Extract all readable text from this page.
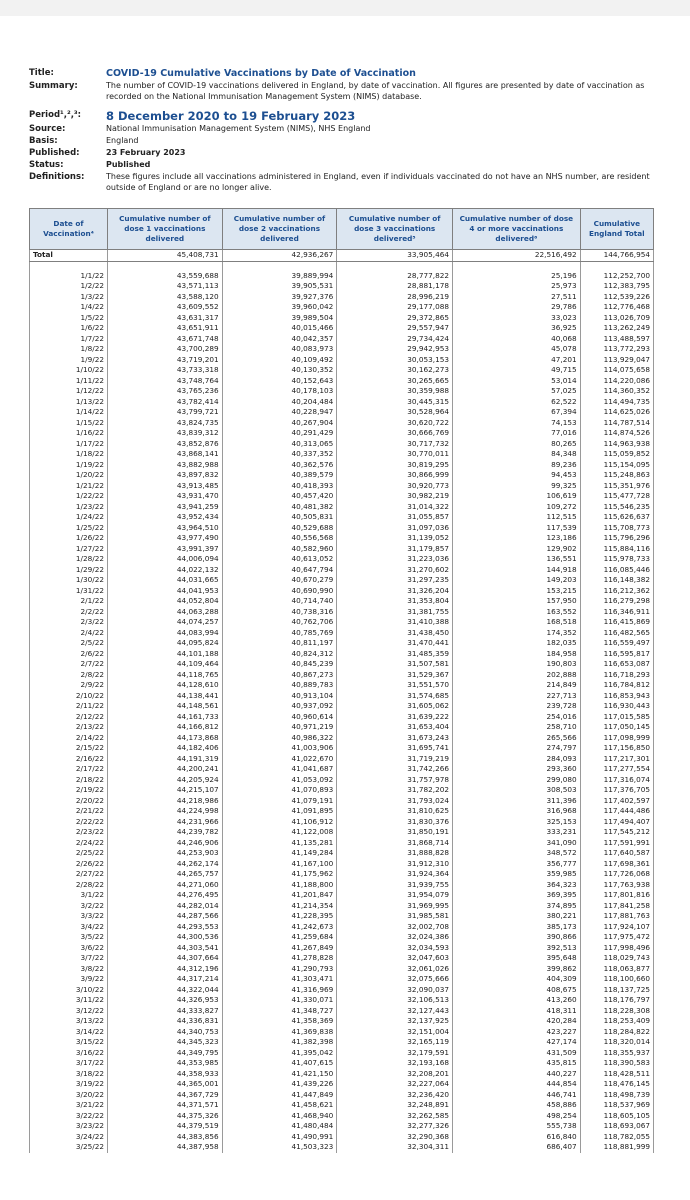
Title:	COVID-19 Cumulative Vaccinations by Date of Vaccination
Summary:	The number of COVID-19 vaccinations delivered in England, by date of vaccination. All figures are presented by date of vaccination as recorded on the National Immunisation Management System (NIMS) database.
Period¹,²,³:	8 December 2020 to 19 February 2023
Source:	National Immunisation Management System (NIMS), NHS England
Basis:	England
Published:	23 February 2023
Status:	Published
Definitions:	These figures include all vaccinations administered in England, even if individuals vaccinated do not have an NHS number, are resident outside of England or are no longer alive.
Date of Vaccination⁴	Cumulative number of dose 1 vaccinations delivered	Cumulative number of dose 2 vaccinations delivered	Cumulative number of dose 3 vaccinations delivered⁵	Cumulative number of dose 4 or more vaccinations delivered⁶	Cumulative England Total
Total	45,408,731	42,936,267	33,905,464	22,516,492	144,766,954

1/1/22	43,559,688	39,889,994	28,777,822	25,196	112,252,700
1/2/22	43,571,113	39,905,531	28,881,178	25,973	112,383,795
1/3/22	43,588,120	39,927,376	28,996,219	27,511	112,539,226
1/4/22	43,609,552	39,960,042	29,177,088	29,786	112,776,468
1/5/22	43,631,317	39,989,504	29,372,865	33,023	113,026,709
1/6/22	43,651,911	40,015,466	29,557,947	36,925	113,262,249
1/7/22	43,671,748	40,042,357	29,734,424	40,068	113,488,597
1/8/22	43,700,289	40,083,973	29,942,953	45,078	113,772,293
1/9/22	43,719,201	40,109,492	30,053,153	47,201	113,929,047
1/10/22	43,733,318	40,130,352	30,162,273	49,715	114,075,658
1/11/22	43,748,764	40,152,643	30,265,665	53,014	114,220,086
1/12/22	43,765,236	40,178,103	30,359,988	57,025	114,360,352
1/13/22	43,782,414	40,204,484	30,445,315	62,522	114,494,735
1/14/22	43,799,721	40,228,947	30,528,964	67,394	114,625,026
1/15/22	43,824,735	40,267,904	30,620,722	74,153	114,787,514
1/16/22	43,839,312	40,291,429	30,666,769	77,016	114,874,526
1/17/22	43,852,876	40,313,065	30,717,732	80,265	114,963,938
1/18/22	43,868,141	40,337,352	30,770,011	84,348	115,059,852
1/19/22	43,882,988	40,362,576	30,819,295	89,236	115,154,095
1/20/22	43,897,832	40,389,579	30,866,999	94,453	115,248,863
1/21/22	43,913,485	40,418,393	30,920,773	99,325	115,351,976
1/22/22	43,931,470	40,457,420	30,982,219	106,619	115,477,728
1/23/22	43,941,259	40,481,382	31,014,322	109,272	115,546,235
1/24/22	43,952,434	40,505,831	31,055,857	112,515	115,626,637
1/25/22	43,964,510	40,529,688	31,097,036	117,539	115,708,773
1/26/22	43,977,490	40,556,568	31,139,052	123,186	115,796,296
1/27/22	43,991,397	40,582,960	31,179,857	129,902	115,884,116
1/28/22	44,006,094	40,613,052	31,223,036	136,551	115,978,733
1/29/22	44,022,132	40,647,794	31,270,602	144,918	116,085,446
1/30/22	44,031,665	40,670,279	31,297,235	149,203	116,148,382
1/31/22	44,041,953	40,690,990	31,326,204	153,215	116,212,362
2/1/22	44,052,804	40,714,740	31,353,804	157,950	116,279,298
2/2/22	44,063,288	40,738,316	31,381,755	163,552	116,346,911
2/3/22	44,074,257	40,762,706	31,410,388	168,518	116,415,869
2/4/22	44,083,994	40,785,769	31,438,450	174,352	116,482,565
2/5/22	44,095,824	40,811,197	31,470,441	182,035	116,559,497
2/6/22	44,101,188	40,824,312	31,485,359	184,958	116,595,817
2/7/22	44,109,464	40,845,239	31,507,581	190,803	116,653,087
2/8/22	44,118,765	40,867,273	31,529,367	202,888	116,718,293
2/9/22	44,128,610	40,889,783	31,551,570	214,849	116,784,812
2/10/22	44,138,441	40,913,104	31,574,685	227,713	116,853,943
2/11/22	44,148,561	40,937,092	31,605,062	239,728	116,930,443
2/12/22	44,161,733	40,960,614	31,639,222	254,016	117,015,585
2/13/22	44,166,812	40,971,219	31,653,404	258,710	117,050,145
2/14/22	44,173,868	40,986,322	31,673,243	265,566	117,098,999
2/15/22	44,182,406	41,003,906	31,695,741	274,797	117,156,850
2/16/22	44,191,319	41,022,670	31,719,219	284,093	117,217,301
2/17/22	44,200,241	41,041,687	31,742,266	293,360	117,277,554
2/18/22	44,205,924	41,053,092	31,757,978	299,080	117,316,074
2/19/22	44,215,107	41,070,893	31,782,202	308,503	117,376,705
2/20/22	44,218,986	41,079,191	31,793,024	311,396	117,402,597
2/21/22	44,224,998	41,091,895	31,810,625	316,968	117,444,486
2/22/22	44,231,966	41,106,912	31,830,376	325,153	117,494,407
2/23/22	44,239,782	41,122,008	31,850,191	333,231	117,545,212
2/24/22	44,246,906	41,135,281	31,868,714	341,090	117,591,991
2/25/22	44,253,903	41,149,284	31,888,828	348,572	117,640,587
2/26/22	44,262,174	41,167,100	31,912,310	356,777	117,698,361
2/27/22	44,265,757	41,175,962	31,924,364	359,985	117,726,068
2/28/22	44,271,060	41,188,800	31,939,755	364,323	117,763,938
3/1/22	44,276,495	41,201,847	31,954,079	369,395	117,801,816
3/2/22	44,282,014	41,214,354	31,969,995	374,895	117,841,258
3/3/22	44,287,566	41,228,395	31,985,581	380,221	117,881,763
3/4/22	44,293,553	41,242,673	32,002,708	385,173	117,924,107
3/5/22	44,300,536	41,259,684	32,024,386	390,866	117,975,472
3/6/22	44,303,541	41,267,849	32,034,593	392,513	117,998,496
3/7/22	44,307,664	41,278,828	32,047,603	395,648	118,029,743
3/8/22	44,312,196	41,290,793	32,061,026	399,862	118,063,877
3/9/22	44,317,214	41,303,471	32,075,666	404,309	118,100,660
3/10/22	44,322,044	41,316,969	32,090,037	408,675	118,137,725
3/11/22	44,326,953	41,330,071	32,106,513	413,260	118,176,797
3/12/22	44,333,827	41,348,727	32,127,443	418,311	118,228,308
3/13/22	44,336,831	41,358,369	32,137,925	420,284	118,253,409
3/14/22	44,340,753	41,369,838	32,151,004	423,227	118,284,822
3/15/22	44,345,323	41,382,398	32,165,119	427,174	118,320,014
3/16/22	44,349,795	41,395,042	32,179,591	431,509	118,355,937
3/17/22	44,353,985	41,407,615	32,193,168	435,815	118,390,583
3/18/22	44,358,933	41,421,150	32,208,201	440,227	118,428,511
3/19/22	44,365,001	41,439,226	32,227,064	444,854	118,476,145
3/20/22	44,367,729	41,447,849	32,236,420	446,741	118,498,739
3/21/22	44,371,571	41,458,621	32,248,891	458,886	118,537,969
3/22/22	44,375,326	41,468,940	32,262,585	498,254	118,605,105
3/23/22	44,379,519	41,480,484	32,277,326	555,738	118,693,067
3/24/22	44,383,856	41,490,991	32,290,368	616,840	118,782,055
3/25/22	44,387,958	41,503,323	32,304,311	686,407	118,881,999
